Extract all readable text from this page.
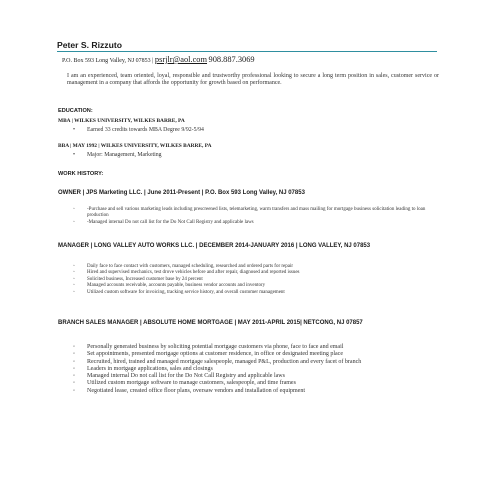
Peter S. Rizzuto
P.O. Box 593 Long Valley, NJ 07853 | psrjlr@aol.com 908.887.3069
I am an experienced, team oriented, loyal, responsible and trustworthy professional looking to secure a long term position in sales, customer service or management in a company that affords the opportunity for growth based on performance.
EDUCATION:
MBA | WILKES UNIVERSITY, WILKES BARRE, PA
• Earned 33 credits towards MBA Degree 9/92-5/94
BBA | MAY 1992 | WILKES UNIVERSITY, WILKES BARRE, PA
• Major: Management, Marketing
WORK HISTORY:
OWNER | JPS Marketing LLC. | June 2011-Present | P.O. Box 593 Long Valley, NJ 07853
◦ -Purchase and sell various marketing leads including prescreened lists, telemarketing, warm transfers and mass mailing for mortgage business solicitation leading to loan production
◦ -Managed internal Do not call list for the Do Not Call Registry and applicable laws
MANAGER | LONG VALLEY AUTO WORKS LLC. | DECEMBER 2014-JANUARY 2016 | LONG VALLEY, NJ 07853
◦ Daily face to face contact with customers, managed scheduling, researched and ordered parts for repair
◦ Hired and supervised mechanics, test drove vehicles before and after repair, diagnosed and reported issues
◦ Solicited business, Increased customer base by 24 percent
◦ Managed accounts receivable, accounts payable, business vendor accounts and inventory
◦ Utilized custom software for invoicing, tracking service history, and overall customer management
BRANCH SALES MANAGER | ABSOLUTE HOME MORTGAGE | MAY 2011-APRIL 2015| NETCONG, NJ 07857
◦ Personally generated business by soliciting potential mortgage customers via phone, face to face and email
◦ Set appointments, presented mortgage options at customer residence, in office or designated meeting place
◦ Recruited, hired, trained and managed mortgage salespeople, managed P&L, production and every facet of branch
◦ Leaders in mortgage applications, sales and closings
◦ Managed internal Do not call list for the Do Not Call Registry and applicable laws
◦ Utilized custom mortgage software to manage customers, salespeople, and time frames
◦ Negotiated lease, created office floor plans, oversaw vendors and installation of equipment
